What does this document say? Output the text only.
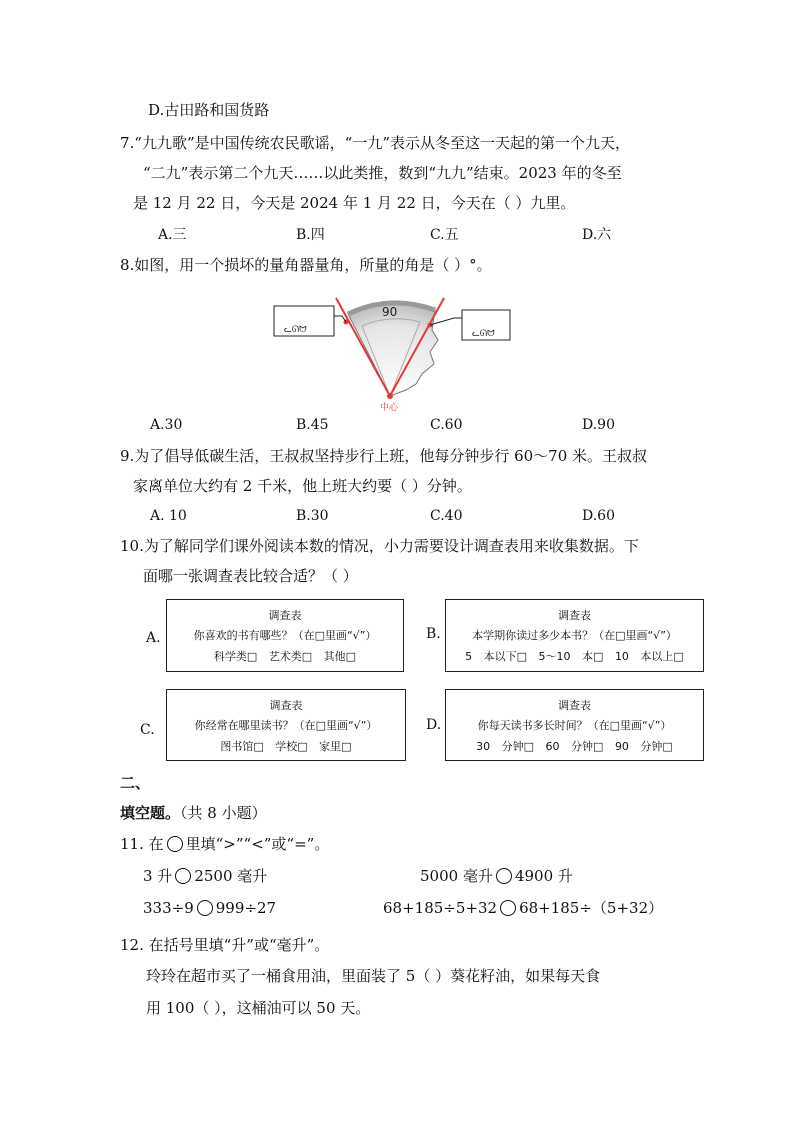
D.古田路和国货路
7.“九九歌”是中国传统农民歌谣，“一九”表示从冬至这一天起的第一个九天，
“二九”表示第二个九天……以此类推，数到“九九”结束。2023 年的冬至
是 12 月 22 日，今天是 2024 年 1 月 22 日，今天在（ ）九里。
A.三	B.四	C.五	D.六
8.如图，用一个损坏的量角器量角，所量的角是（ ）°。
90
ᓚᘏᗢ	ᓚᘏᗢ
中心
A.30	B.45	C.60	D.90
9.为了倡导低碳生活，王叔叔坚持步行上班，他每分钟步行 60～70 米。王叔叔
家离单位大约有 2 千米，他上班大约要（ ）分钟。
A. 10	B.30	C.40	D.60
10.为了解同学们课外阅读本数的情况，小力需要设计调查表用来收集数据。下
面哪一张调查表比较合适？（ ）
A.
调查表
你喜欢的书有哪些？（在□里画“√”）
科学类□ 艺术类□ 其他□
B.
调查表
本学期你读过多少本书？（在□里画“√”）
5 本以下□ 5～10 本□ 10 本以上□
C.
调查表
你经常在哪里读书？（在□里画“√”）
图书馆□ 学校□ 家里□
D.
调查表
你每天读书多长时间？（在□里画“√”）
30 分钟□ 60 分钟□ 90 分钟□
二、
填空题。（共 8 小题）
11. 在 里填“>”“<”或“=”。
3 升 2500 毫升	5000 毫升 4900 升
333÷9 999÷27	68+185÷5+32 68+185÷（5+32）
12. 在括号里填“升”或“毫升”。
玲玲在超市买了一桶食用油，里面装了 5（ ）葵花籽油，如果每天食
用 100（ ），这桶油可以 50 天。
